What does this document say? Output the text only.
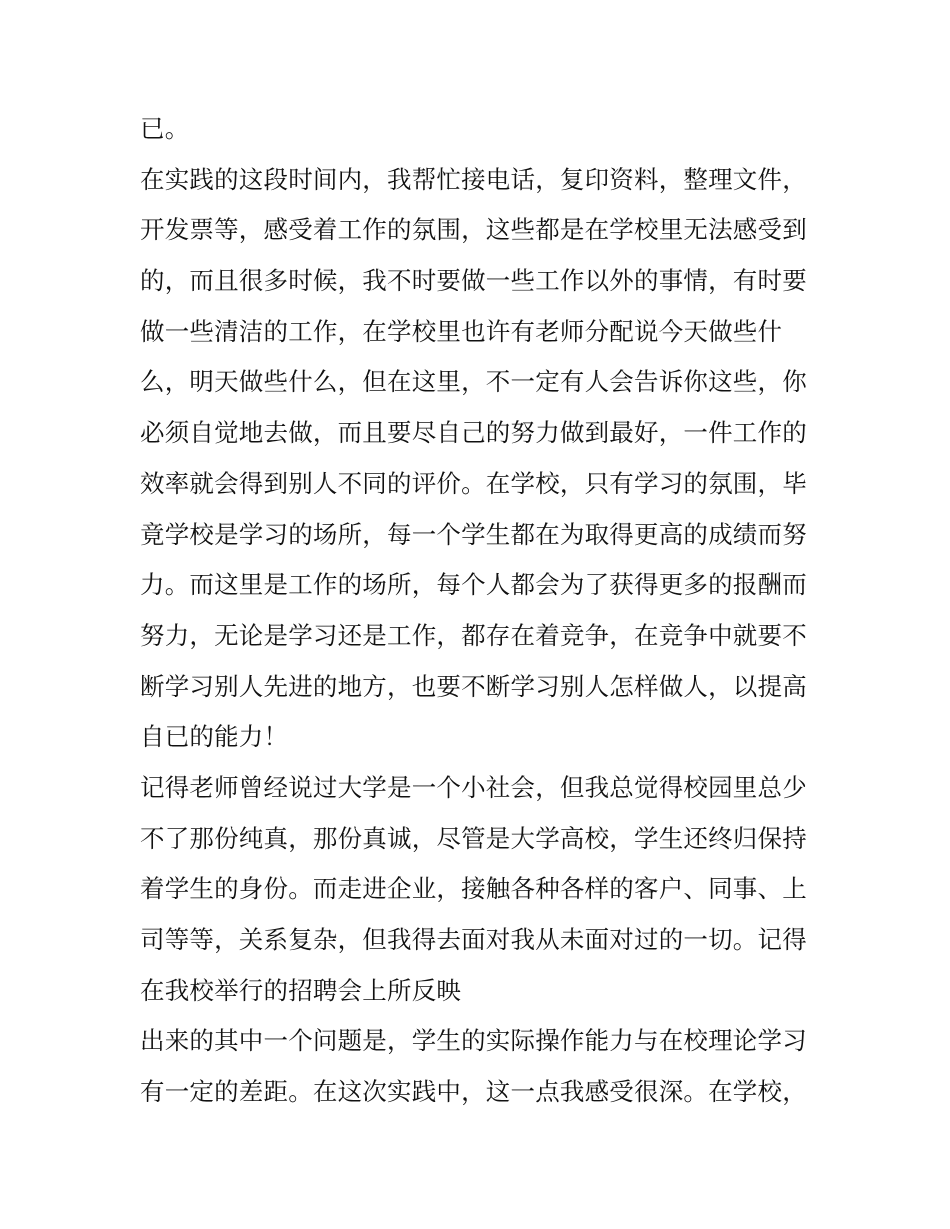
已。
在实践的这段时间内，我帮忙接电话，复印资料，整理文件，
开发票等，感受着工作的氛围，这些都是在学校里无法感受到
的，而且很多时候，我不时要做一些工作以外的事情，有时要
做一些清洁的工作，在学校里也许有老师分配说今天做些什
么，明天做些什么，但在这里，不一定有人会告诉你这些，你
必须自觉地去做，而且要尽自己的努力做到最好，一件工作的
效率就会得到别人不同的评价。在学校，只有学习的氛围，毕
竟学校是学习的场所，每一个学生都在为取得更高的成绩而努
力。而这里是工作的场所，每个人都会为了获得更多的报酬而
努力，无论是学习还是工作，都存在着竞争，在竞争中就要不
断学习别人先进的地方，也要不断学习别人怎样做人，以提高
自已的能力！
记得老师曾经说过大学是一个小社会，但我总觉得校园里总少
不了那份纯真，那份真诚，尽管是大学高校，学生还终归保持
着学生的身份。而走进企业，接触各种各样的客户、同事、上
司等等，关系复杂，但我得去面对我从未面对过的一切。记得
在我校举行的招聘会上所反映
出来的其中一个问题是，学生的实际操作能力与在校理论学习
有一定的差距。在这次实践中，这一点我感受很深。在学校，
